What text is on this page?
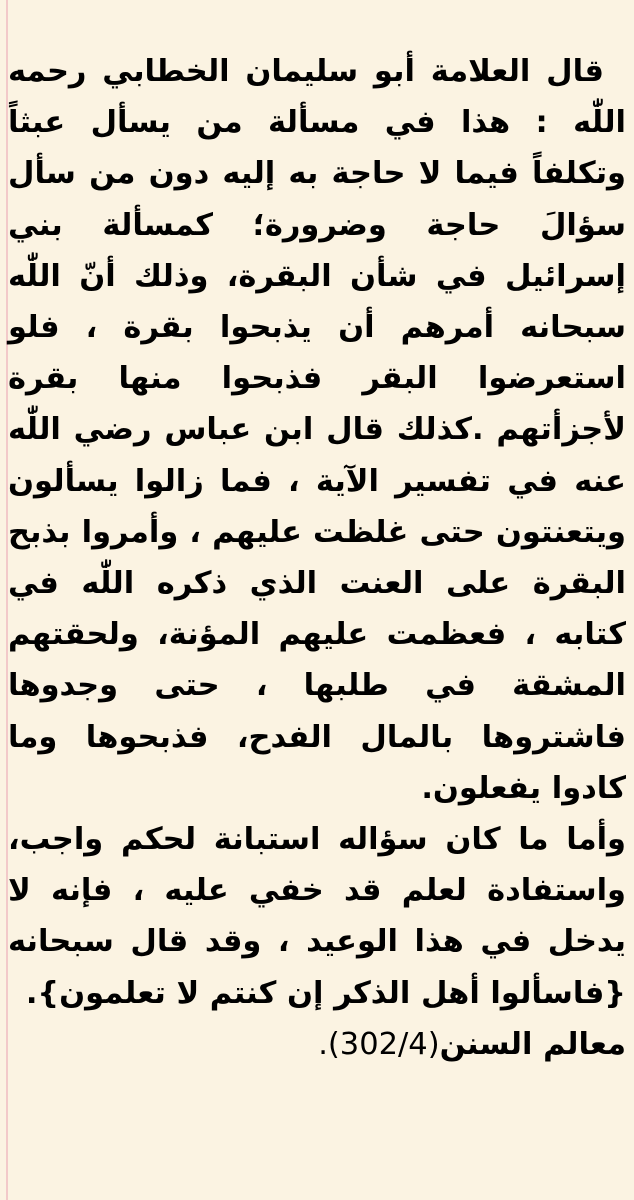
قال العلامة أبو سليمان الخطابي رحمه اللّٰه : هذا في مسألة من يسأل عبثاً وتكلفاً فيما لا حاجة به إليه دون من سأل سؤالَ حاجة وضرورة؛ كمسألة بني إسرائيل في شأن البقرة، وذلك أنّ اللّٰه سبحانه أمرهم أن يذبحوا بقرة ، فلو استعرضوا البقر فذبحوا منها بقرة لأجزأتهم .كذلك قال ابن عباس رضي اللّٰه عنه في تفسير الآية ، فما زالوا يسألون ويتعنتون حتى غلظت عليهم ، وأمروا بذبح البقرة على العنت الذي ذكره اللّٰه في كتابه ، فعظمت عليهم المؤنة، ولحقتهم المشقة في طلبها ، حتى وجدوها فاشتروها بالمال الفدح، فذبحوها وما كادوا يفعلون.

وأما ما كان سؤاله استبانة لحكم واجب، واستفادة لعلم قد خفي عليه ، فإنه لا يدخل في هذا الوعيد ، وقد قال سبحانه {فاسألوا أهل الذكر إن كنتم لا تعلمون}.

معالم السنن(302/4).
